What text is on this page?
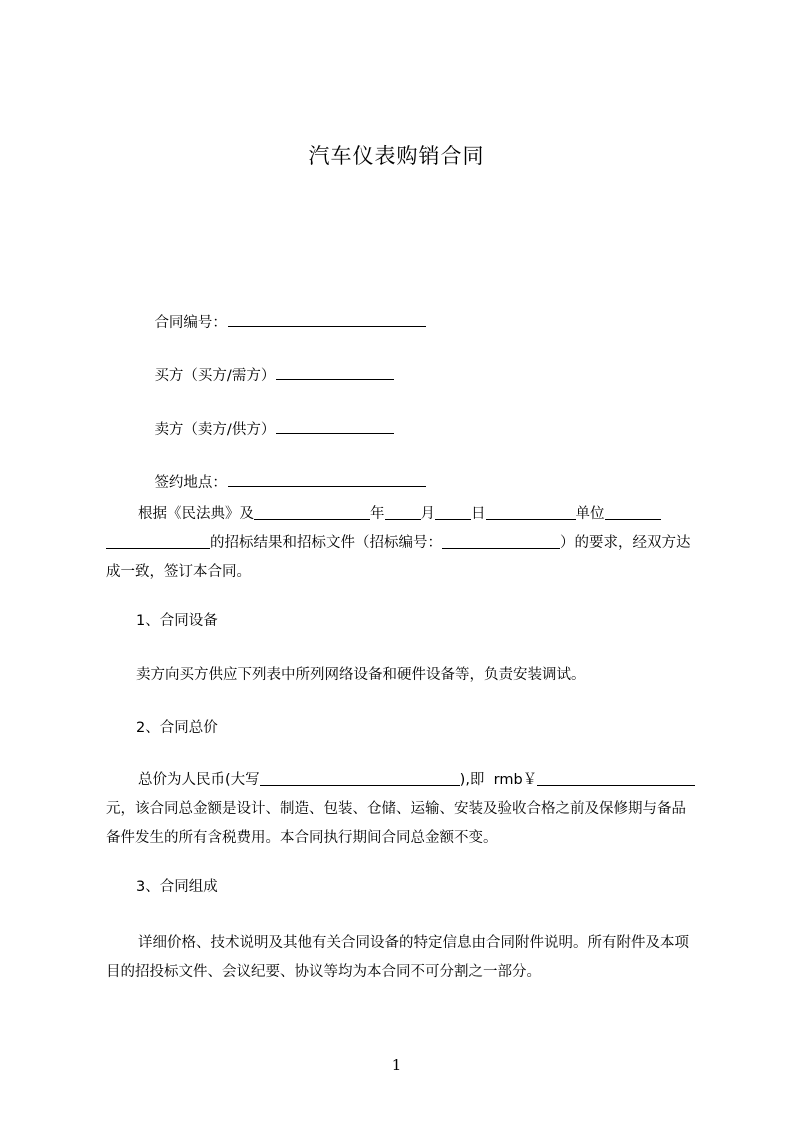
汽车仪表购销合同

合同编号：

买方（买方/需方）

卖方（卖方/供方）

签约地点：

根据《民法典》及	年 月 日	单位的招标结果和招标文件（招标编号：	）的要求，经双方达成一致，签订本合同。
1、合同设备
卖方向买方供应下列表中所列网络设备和硬件设备等，负责安装调试。
2、合同总价
总价为人民币(大写	),即  rmb￥元，该合同总金额是设计、制造、包装、仓储、运输、安装及验收合格之前及保修期与备品备件发生的所有含税费用。本合同执行期间合同总金额不变。
3、合同组成
详细价格、技术说明及其他有关合同设备的特定信息由合同附件说明。所有附件及本项目的招投标文件、会议纪要、协议等均为本合同不可分割之一部分。
1
